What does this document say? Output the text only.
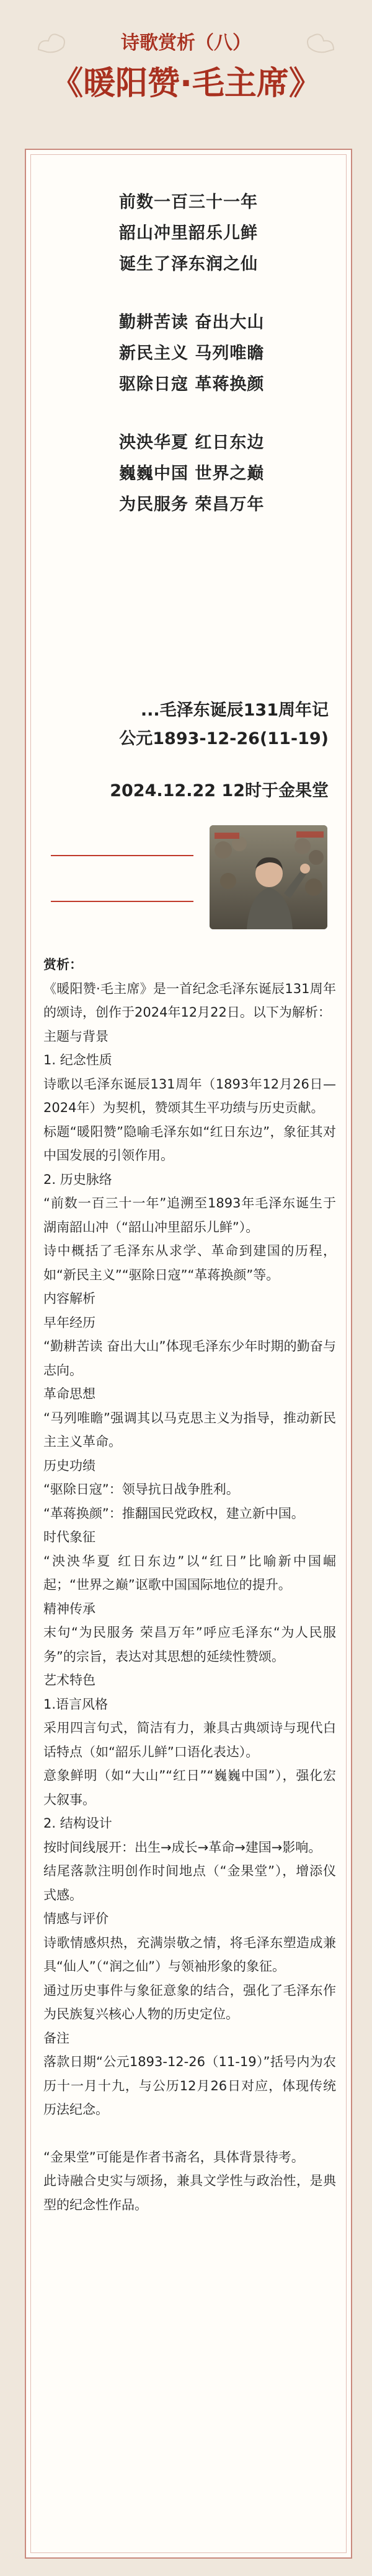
诗歌赏析（八）
《暖阳赞·毛主席》
前数一百三十一年
韶山冲里韶乐儿鲜
诞生了泽东润之仙
勤耕苦读 奋出大山
新民主义 马列唯瞻
驱除日寇 革蒋换颜
泱泱华夏 红日东边
巍巍中国 世界之巅
为民服务 荣昌万年
...毛泽东诞辰131周年记
公元1893-12-26(11-19)
2024.12.22 12时于金果堂
赏析：
《暖阳赞·毛主席》是一首纪念毛泽东诞辰131周年的颂诗，创作于2024年12月22日。以下为解析：
主题与背景
1. 纪念性质
诗歌以毛泽东诞辰131周年（1893年12月26日—2024年）为契机，赞颂其生平功绩与历史贡献。
标题“暖阳赞”隐喻毛泽东如“红日东边”，象征其对中国发展的引领作用。
2. 历史脉络
“前数一百三十一年”追溯至1893年毛泽东诞生于湖南韶山冲（“韶山冲里韶乐儿鲜”）。
诗中概括了毛泽东从求学、革命到建国的历程，如“新民主义”“驱除日寇”“革蒋换颜”等。
内容解析
早年经历
“勤耕苦读 奋出大山”体现毛泽东少年时期的勤奋与志向。
革命思想
“马列唯瞻”强调其以马克思主义为指导，推动新民主主义革命。
历史功绩
“驱除日寇”：领导抗日战争胜利。
“革蒋换颜”：推翻国民党政权，建立新中国。
时代象征
“泱泱华夏 红日东边”以“红日”比喻新中国崛起；“世界之巅”讴歌中国国际地位的提升。
精神传承
末句“为民服务 荣昌万年”呼应毛泽东“为人民服务”的宗旨，表达对其思想的延续性赞颂。
艺术特色
1.语言风格
采用四言句式，简洁有力，兼具古典颂诗与现代白话特点（如“韶乐儿鲜”口语化表达）。
意象鲜明（如“大山”“红日”“巍巍中国”），强化宏大叙事。
2. 结构设计
按时间线展开：出生→成长→革命→建国→影响。
结尾落款注明创作时间地点（“金果堂”），增添仪式感。
情感与评价
诗歌情感炽热，充满崇敬之情，将毛泽东塑造成兼具“仙人”（“润之仙”）与领袖形象的象征。
通过历史事件与象征意象的结合，强化了毛泽东作为民族复兴核心人物的历史定位。
备注
落款日期“公元1893-12-26（11-19）”括号内为农历十一月十九，与公历12月26日对应，体现传统历法纪念。
“金果堂”可能是作者书斋名，具体背景待考。
此诗融合史实与颂扬，兼具文学性与政治性，是典型的纪念性作品。
